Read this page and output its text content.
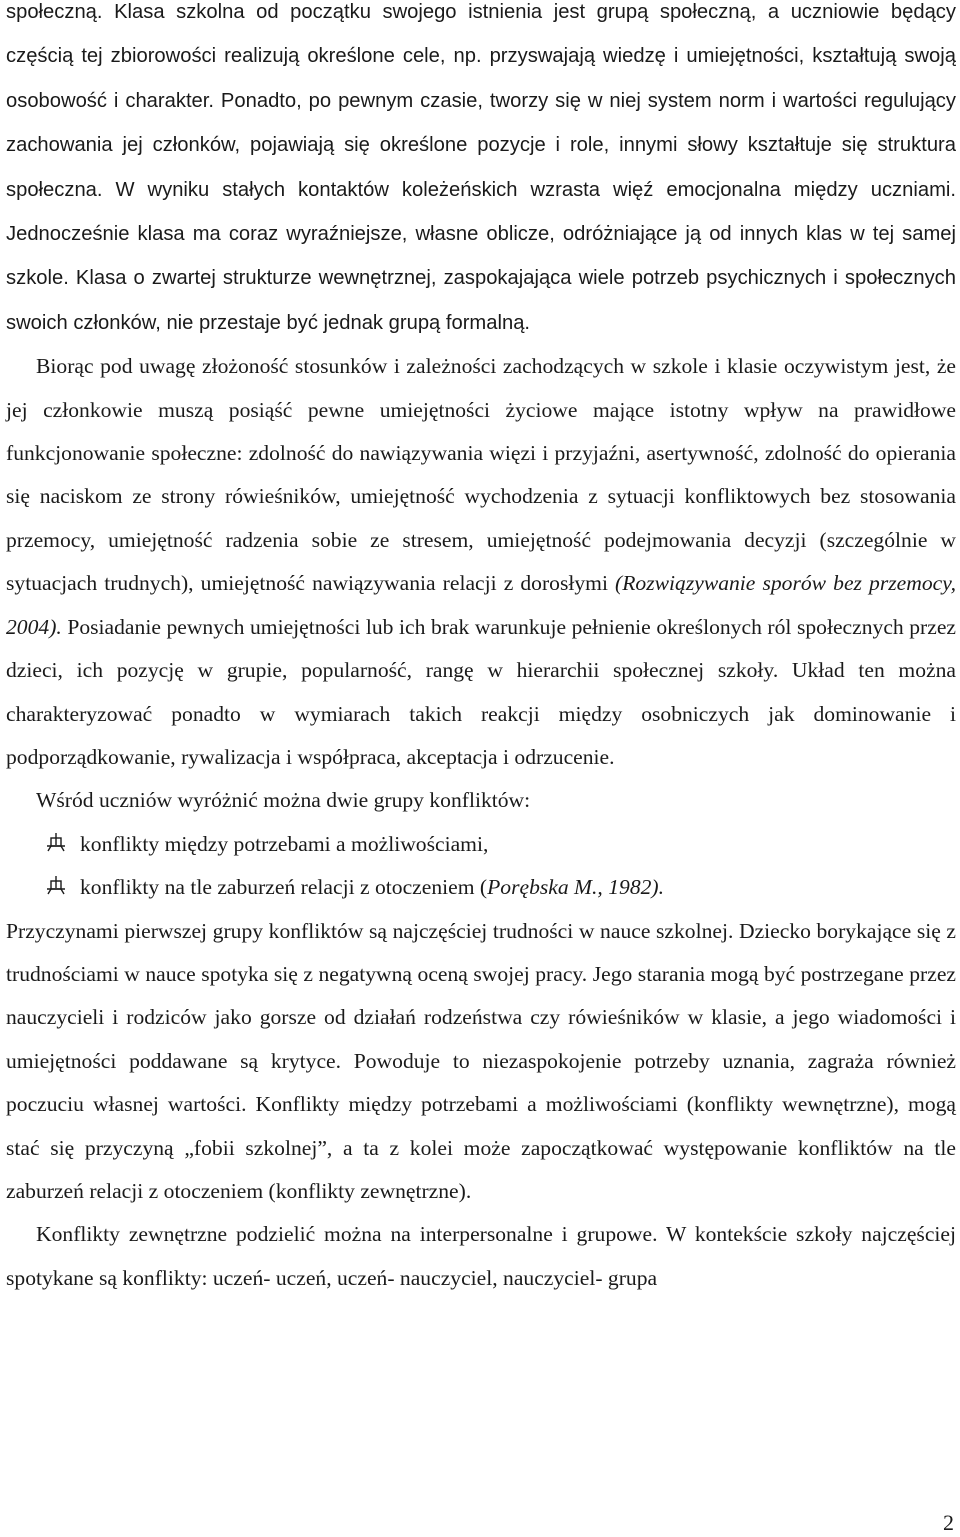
społeczną. Klasa szkolna od początku swojego istnienia jest grupą społeczną, a uczniowie będący częścią tej zbiorowości realizują określone cele, np. przyswajają wiedzę i umiejętności, kształtują swoją osobowość i charakter. Ponadto, po pewnym czasie, tworzy się w niej system norm i wartości regulujący zachowania jej członków, pojawiają się określone pozycje i role, innymi słowy kształtuje się struktura społeczna. W wyniku stałych kontaktów koleżeńskich wzrasta więź emocjonalna między uczniami. Jednocześnie klasa ma coraz wyraźniejsze, własne oblicze, odróżniające ją od innych klas w tej samej szkole. Klasa o zwartej strukturze wewnętrznej, zaspokajająca wiele potrzeb psychicznych i społecznych swoich członków, nie przestaje być jednak grupą formalną.

Biorąc pod uwagę złożoność stosunków i zależności zachodzących w szkole i klasie oczywistym jest, że jej członkowie muszą posiąść pewne umiejętności życiowe mające istotny wpływ na prawidłowe funkcjonowanie społeczne: zdolność do nawiązywania więzi i przyjaźni, asertywność, zdolność do opierania się naciskom ze strony rówieśników, umiejętność wychodzenia z sytuacji konfliktowych bez stosowania przemocy, umiejętność radzenia sobie ze stresem, umiejętność podejmowania decyzji (szczególnie w sytuacjach trudnych), umiejętność nawiązywania relacji z dorosłymi (Rozwiązywanie sporów bez przemocy, 2004). Posiadanie pewnych umiejętności lub ich brak warunkuje pełnienie określonych ról społecznych przez dzieci, ich pozycję w grupie, popularność, rangę w hierarchii społecznej szkoły. Układ ten można charakteryzować ponadto w wymiarach takich reakcji między osobniczych jak dominowanie i podporządkowanie, rywalizacja i współpraca, akceptacja i odrzucenie.

Wśród uczniów wyróżnić można dwie grupy konfliktów:

konflikty między potrzebami a możliwościami,
konflikty na tle zaburzeń relacji z otoczeniem (Porębska M., 1982).

Przyczynami pierwszej grupy konfliktów są najczęściej trudności w nauce szkolnej. Dziecko borykające się z trudnościami w nauce spotyka się z negatywną oceną swojej pracy. Jego starania mogą być postrzegane przez nauczycieli i rodziców jako gorsze od działań rodzeństwa czy rówieśników w klasie, a jego wiadomości i umiejętności poddawane są krytyce. Powoduje to niezaspokojenie potrzeby uznania, zagraża również poczuciu własnej wartości. Konflikty między potrzebami a możliwościami (konflikty wewnętrzne), mogą stać się przyczyną „fobii szkolnej”, a ta z kolei może zapoczątkować występowanie konfliktów na tle zaburzeń relacji z otoczeniem (konflikty zewnętrzne).

Konflikty zewnętrzne podzielić można na interpersonalne i grupowe. W kontekście szkoły najczęściej spotykane są konflikty: uczeń- uczeń, uczeń- nauczyciel, nauczyciel- grupa

2
